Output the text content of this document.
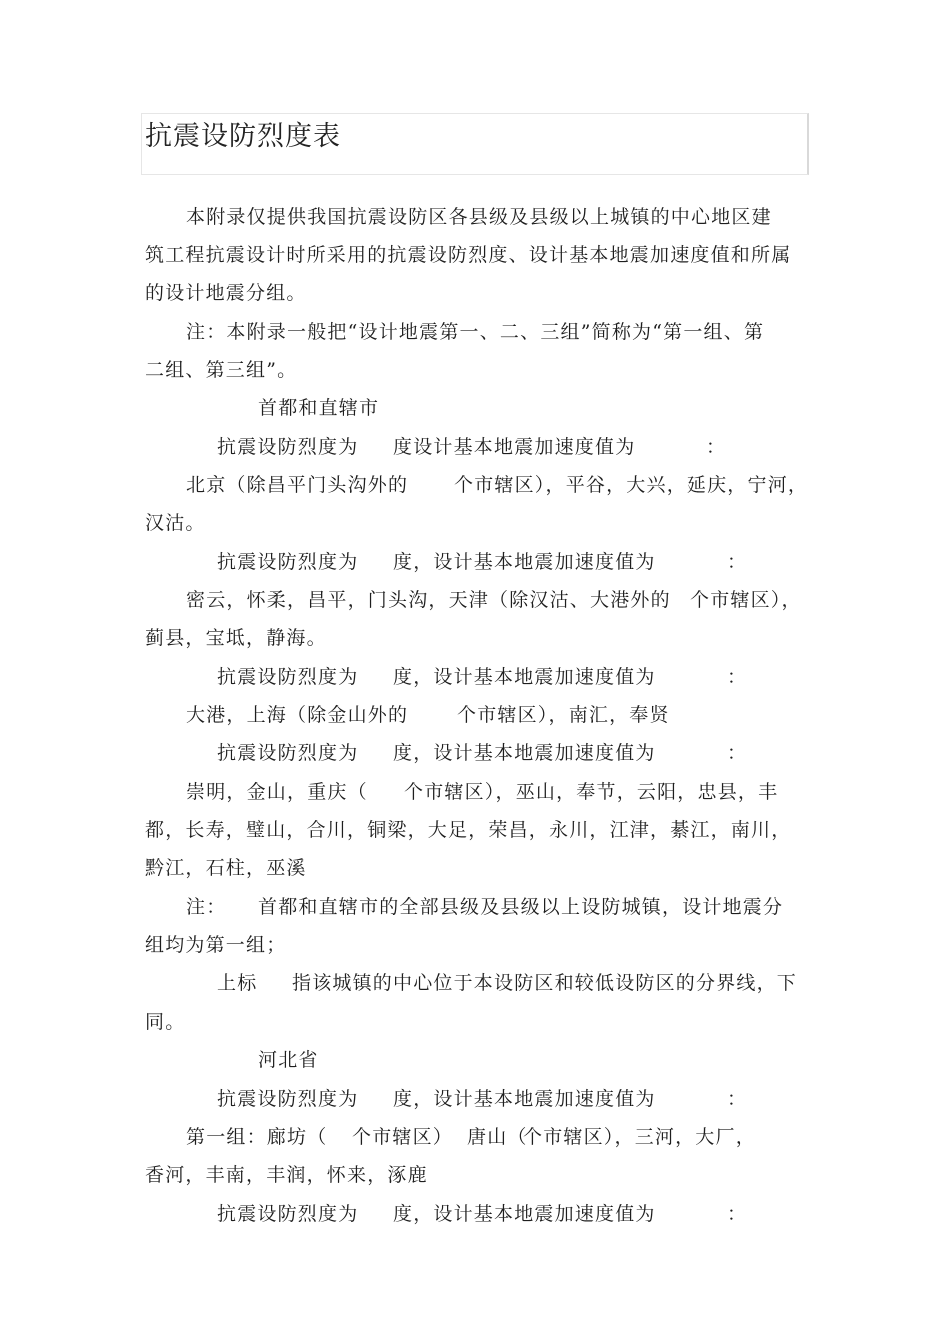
抗震设防烈度表
本附录仅提供我国抗震设防区各县级及县级以上城镇的中心地区建
筑工程抗震设计时所采用的抗震设防烈度、设计基本地震加速度值和所属
的设计地震分组。
注：本附录一般把“设计地震第一、二、三组”简称为“第一组、第
二组、第三组”。
首都和直辖市
抗震设防烈度为 度设计基本地震加速度值为	：
北京（除昌平门头沟外的 个市辖区），平谷，大兴，延庆，宁河，
汉沽。
抗震设防烈度为 度，设计基本地震加速度值为	：
密云，怀柔，昌平，门头沟，天津（除汉沽、大港外的 个市辖区），
蓟县，宝坻，静海。
抗震设防烈度为 度，设计基本地震加速度值为	：
大港，上海（除金山外的	个市辖区），南汇，奉贤
抗震设防烈度为 度，设计基本地震加速度值为	：
崇明，金山，重庆（ 个市辖区），巫山，奉节，云阳，忠县，丰
都，长寿，璧山，合川，铜梁，大足，荣昌，永川，江津，綦江，南川，
黔江，石柱，巫溪
注： 首都和直辖市的全部县级及县级以上设防城镇，设计地震分
组均为第一组；
上标 指该城镇的中心位于本设防区和较低设防区的分界线，下
同。
河北省
抗震设防烈度为 度，设计基本地震加速度值为	：
第一组：廊坊（ 个市辖区） 唐山（
个市辖区），三河，大厂，
香河，丰南，丰润，怀来，涿鹿
抗震设防烈度为 度，设计基本地震加速度值为	：
